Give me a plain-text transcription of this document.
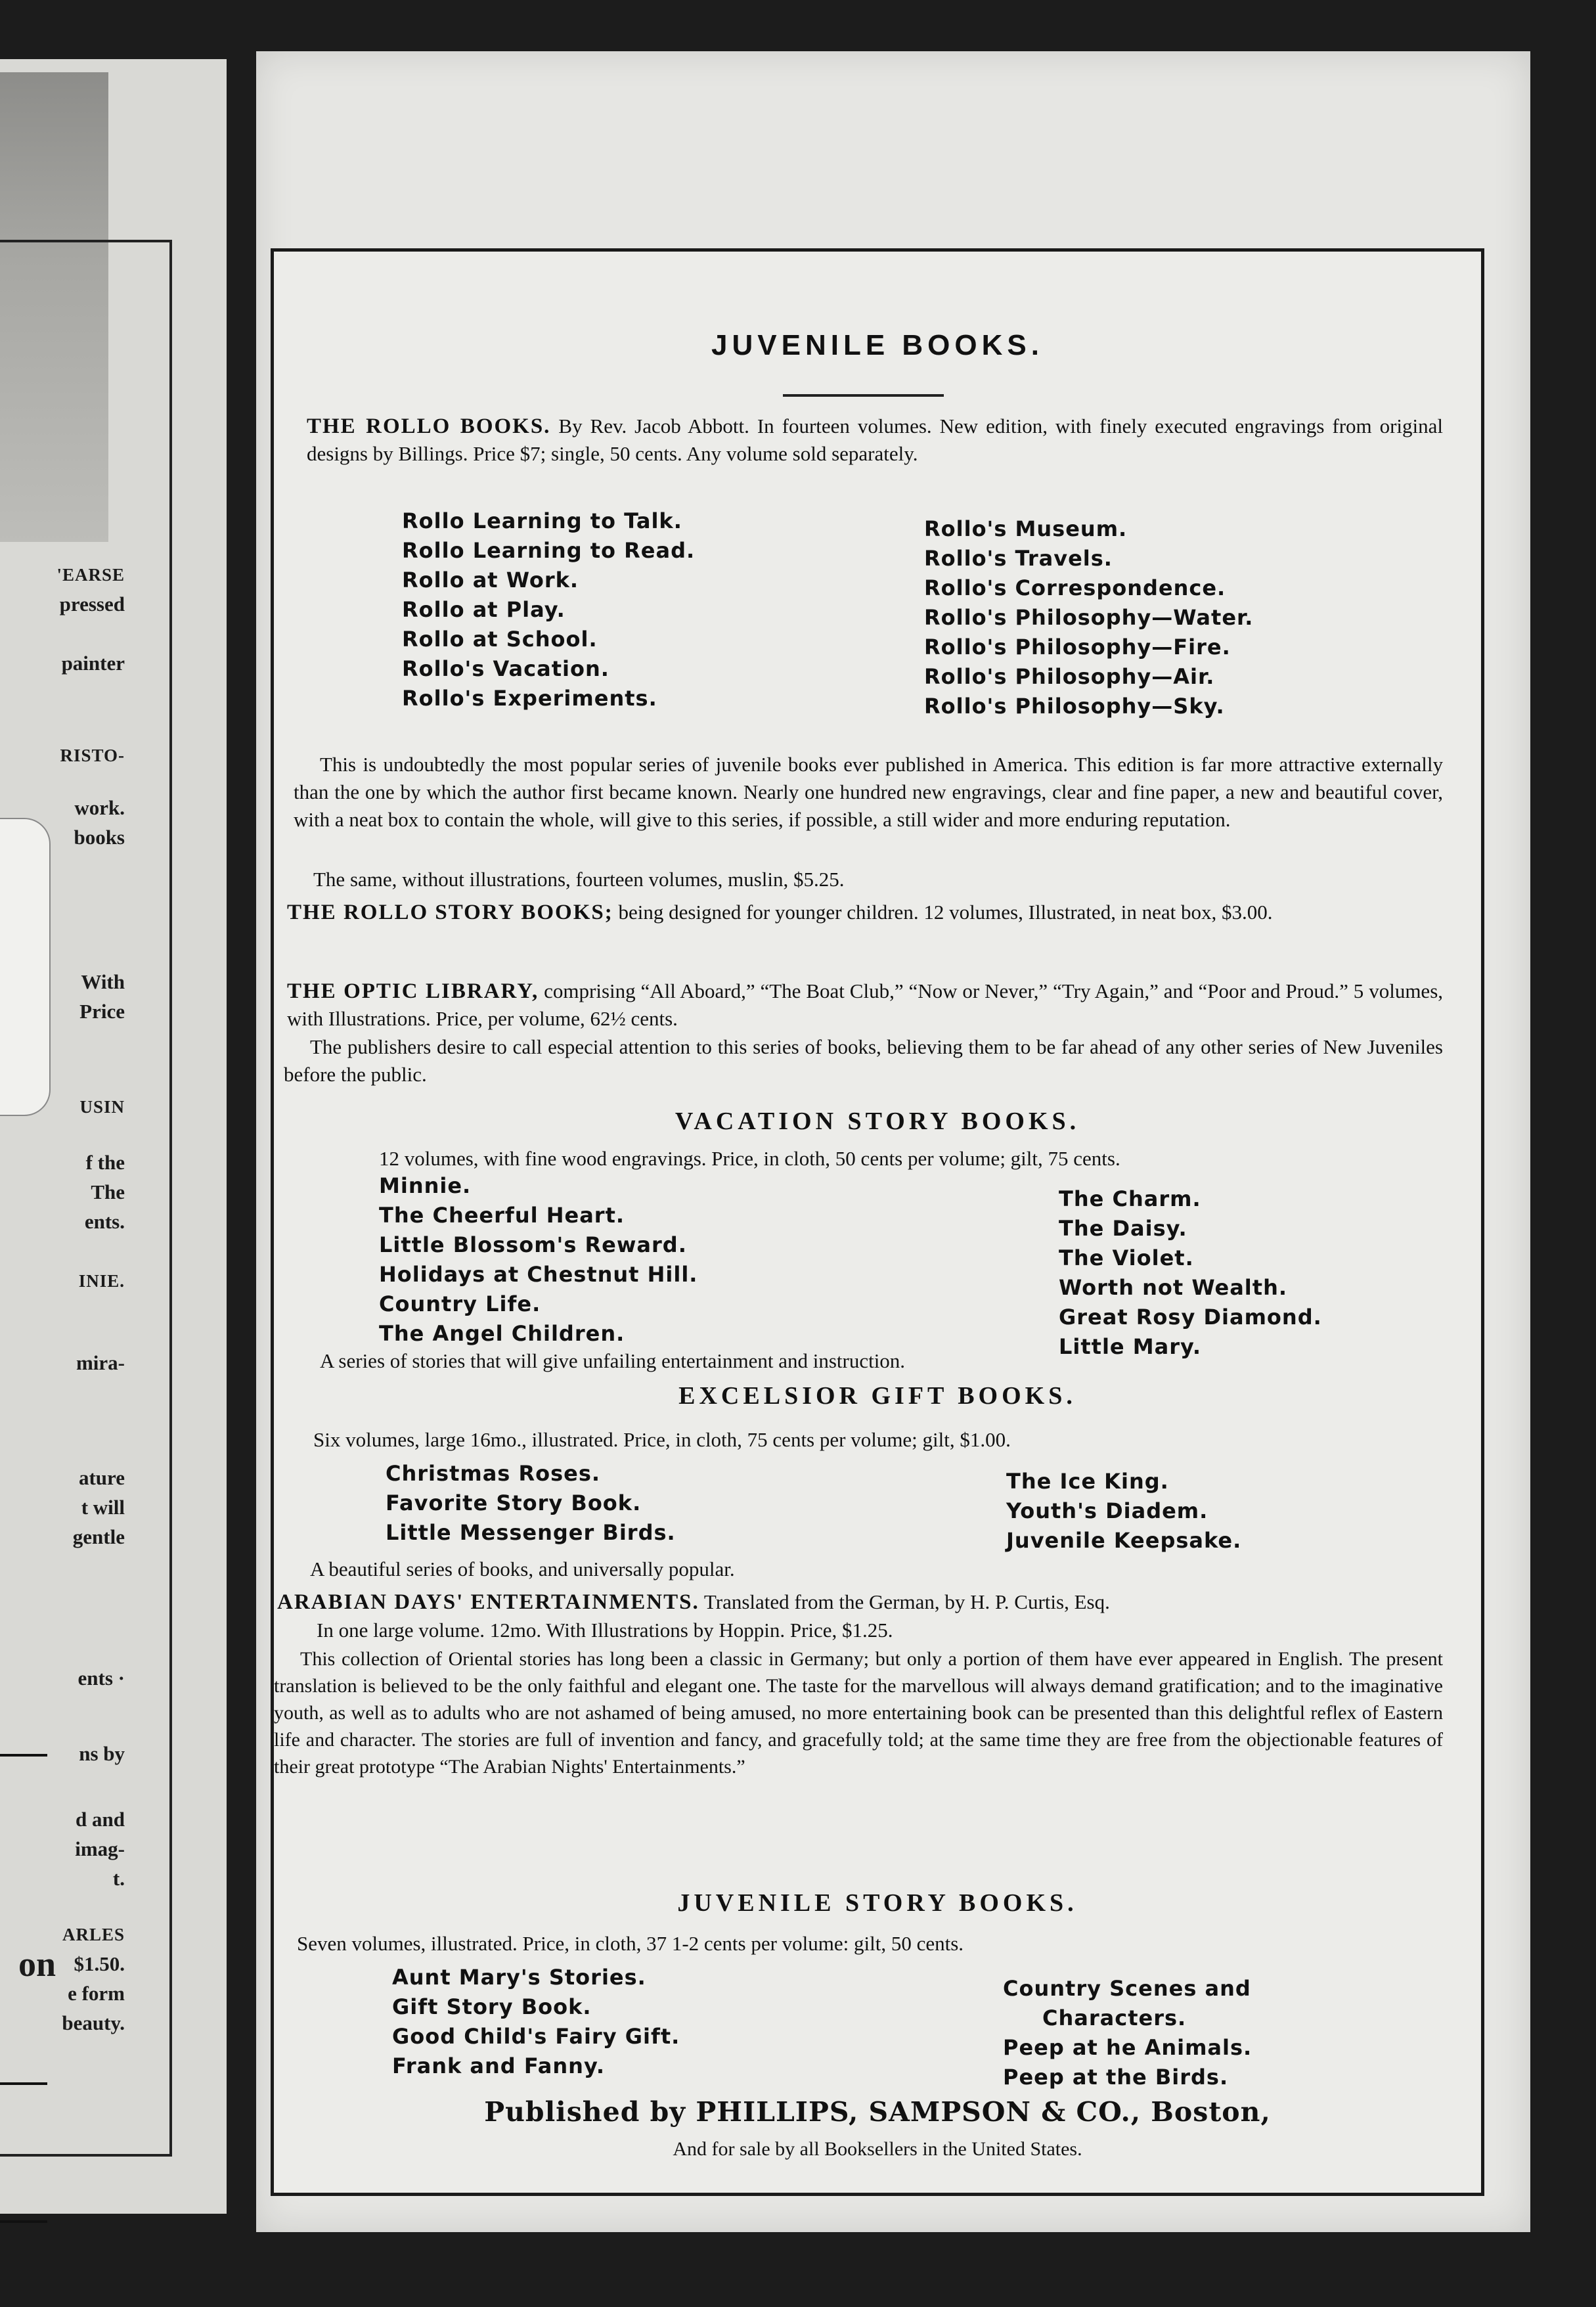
'EARSE
pressed
painter
RISTO-
work.
books
With
Price
USIN
f the
The
ents.
INIE.
mira-
ature
t will
gentle
ents ·
ns by
d and
imag-
t.
ARLES
$1.50.
e form
beauty.
on
JUVENILE BOOKS.
THE ROLLO BOOKS. By Rev. Jacob Abbott. In fourteen volumes. New edition, with finely executed engravings from original designs by Billings. Price $7; single, 50 cents. Any volume sold separately.
Rollo Learning to Talk.
Rollo Learning to Read.
Rollo at Work.
Rollo at Play.
Rollo at School.
Rollo's Vacation.
Rollo's Experiments.
Rollo's Museum.
Rollo's Travels.
Rollo's Correspondence.
Rollo's Philosophy—Water.
Rollo's Philosophy—Fire.
Rollo's Philosophy—Air.
Rollo's Philosophy—Sky.
This is undoubtedly the most popular series of juvenile books ever published in America. This edition is far more attractive externally than the one by which the author first became known. Nearly one hundred new engravings, clear and fine paper, a new and beautiful cover, with a neat box to contain the whole, will give to this series, if possible, a still wider and more enduring reputation.
The same, without illustrations, fourteen volumes, muslin, $5.25.
THE ROLLO STORY BOOKS; being designed for younger children. 12 volumes, Illustrated, in neat box, $3.00.
THE OPTIC LIBRARY, comprising “All Aboard,” “The Boat Club,” “Now or Never,” “Try Again,” and “Poor and Proud.” 5 volumes, with Illustrations. Price, per volume, 62½ cents.
The publishers desire to call especial attention to this series of books, believing them to be far ahead of any other series of New Juveniles before the public.
VACATION STORY BOOKS.
12 volumes, with fine wood engravings. Price, in cloth, 50 cents per volume; gilt, 75 cents.
Minnie.
The Cheerful Heart.
Little Blossom's Reward.
Holidays at Chestnut Hill.
Country Life.
The Angel Children.
The Charm.
The Daisy.
The Violet.
Worth not Wealth.
Great Rosy Diamond.
Little Mary.
A series of stories that will give unfailing entertainment and instruction.
EXCELSIOR GIFT BOOKS.
Six volumes, large 16mo., illustrated. Price, in cloth, 75 cents per volume; gilt, $1.00.
Christmas Roses.
Favorite Story Book.
Little Messenger Birds.
The Ice King.
Youth's Diadem.
Juvenile Keepsake.
A beautiful series of books, and universally popular.
ARABIAN DAYS' ENTERTAINMENTS. Translated from the German, by H. P. Curtis, Esq.
In one large volume. 12mo. With Illustrations by Hoppin. Price, $1.25.
This collection of Oriental stories has long been a classic in Germany; but only a portion of them have ever appeared in English. The present translation is believed to be the only faithful and elegant one. The taste for the marvellous will always demand gratification; and to the imaginative youth, as well as to adults who are not ashamed of being amused, no more entertaining book can be presented than this delightful reflex of Eastern life and character. The stories are full of invention and fancy, and gracefully told; at the same time they are free from the objectionable features of their great prototype “The Arabian Nights' Entertainments.”
JUVENILE STORY BOOKS.
Seven volumes, illustrated. Price, in cloth, 37 1-2 cents per volume: gilt, 50 cents.
Aunt Mary's Stories.
Gift Story Book.
Good Child's Fairy Gift.
Frank and Fanny.
Country Scenes and
Characters.
Peep at he Animals.
Peep at the Birds.
Published by PHILLIPS, SAMPSON & CO., Boston,
And for sale by all Booksellers in the United States.
